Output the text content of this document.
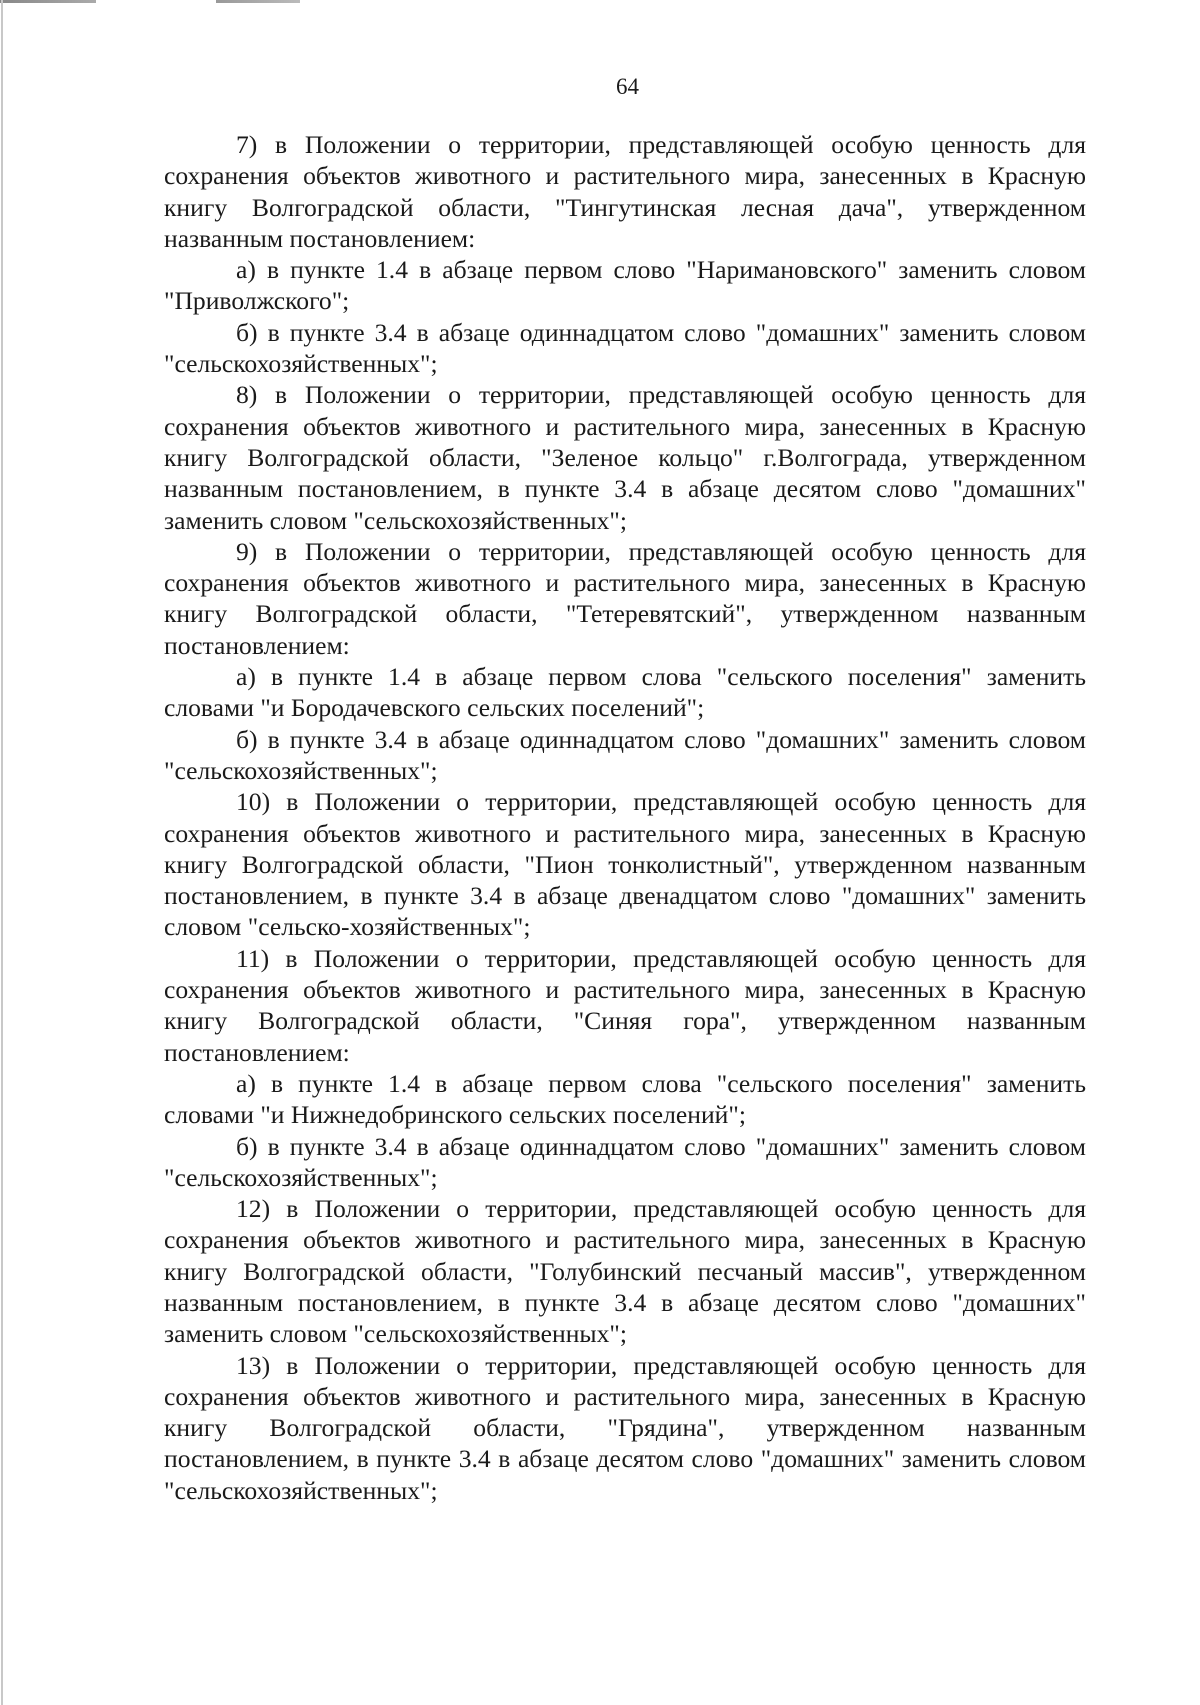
64

7) в Положении о территории, представляющей особую ценность для сохранения объектов животного и растительного мира, занесенных в Красную книгу Волгоградской области, "Тингутинская лесная дача", утвержденном названным постановлением:

а) в пункте 1.4 в абзаце первом слово "Наримановского" заменить словом "Приволжского";

б) в пункте 3.4 в абзаце одиннадцатом слово "домашних" заменить словом "сельскохозяйственных";

8) в Положении о территории, представляющей особую ценность для сохранения объектов животного и растительного мира, занесенных в Красную книгу Волгоградской области, "Зеленое кольцо" г.Волгограда, утвержденном названным постановлением, в пункте 3.4 в абзаце десятом слово "домашних" заменить словом "сельскохозяйственных";

9) в Положении о территории, представляющей особую ценность для сохранения объектов животного и растительного мира, занесенных в Красную книгу Волгоградской области, "Тетеревятский", утвержденном названным постановлением:

а) в пункте 1.4 в абзаце первом слова "сельского поселения" заменить словами "и Бородачевского сельских поселений";

б) в пункте 3.4 в абзаце одиннадцатом слово "домашних" заменить словом "сельскохозяйственных";

10) в Положении о территории, представляющей особую ценность для сохранения объектов животного и растительного мира, занесенных в Красную книгу Волгоградской области, "Пион тонколистный", утвержденном названным постановлением, в пункте 3.4 в абзаце двенадцатом слово "домашних" заменить словом "сельско-хозяйственных";

11) в Положении о территории, представляющей особую ценность для сохранения объектов животного и растительного мира, занесенных в Красную книгу Волгоградской области, "Синяя гора", утвержденном названным постановлением:

а) в пункте 1.4 в абзаце первом слова "сельского поселения" заменить словами "и Нижнедобринского сельских поселений";

б) в пункте 3.4 в абзаце одиннадцатом слово "домашних" заменить словом "сельскохозяйственных";

12) в Положении о территории, представляющей особую ценность для сохранения объектов животного и растительного мира, занесенных в Красную книгу Волгоградской области, "Голубинский песчаный массив", утвержденном названным постановлением, в пункте 3.4 в абзаце десятом слово "домашних" заменить словом "сельскохозяйственных";

13) в Положении о территории, представляющей особую ценность для сохранения объектов животного и растительного мира, занесенных в Красную книгу Волгоградской области, "Грядина", утвержденном названным постановлением, в пункте 3.4 в абзаце десятом слово "домашних" заменить словом "сельскохозяйственных";
